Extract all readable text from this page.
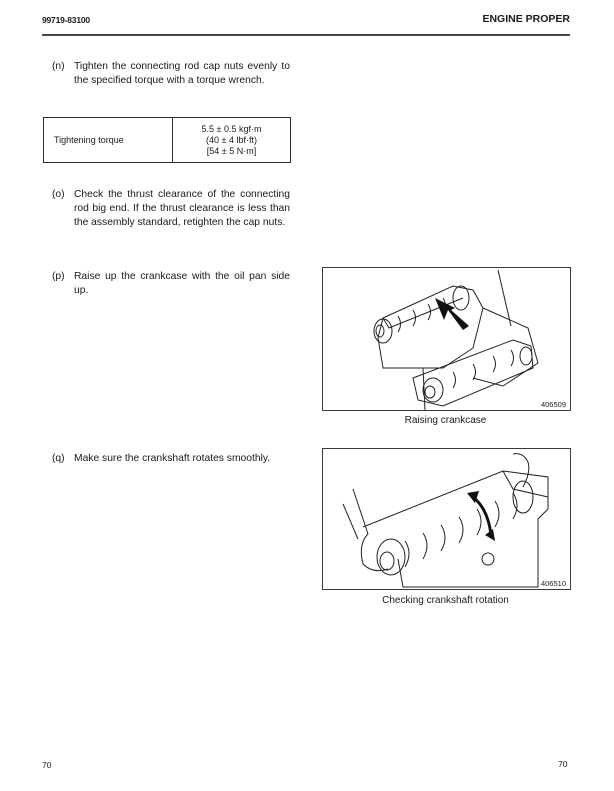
99719-83100	ENGINE PROPER
(n) Tighten the connecting rod cap nuts evenly to the specified torque with a torque wrench.
Tightening torque
5.5 ± 0.5 kgf·m
(40 ± 4 lbf·ft)
[54 ± 5 N·m]
(o) Check the thrust clearance of the connecting rod big end. If the thrust clearance is less than the assembly standard, retighten the cap nuts.
(p) Raise up the crankcase with the oil pan side up.
406509
Raising crankcase
(q) Make sure the crankshaft rotates smoothly.
406510
Checking crankshaft rotation
70	70
